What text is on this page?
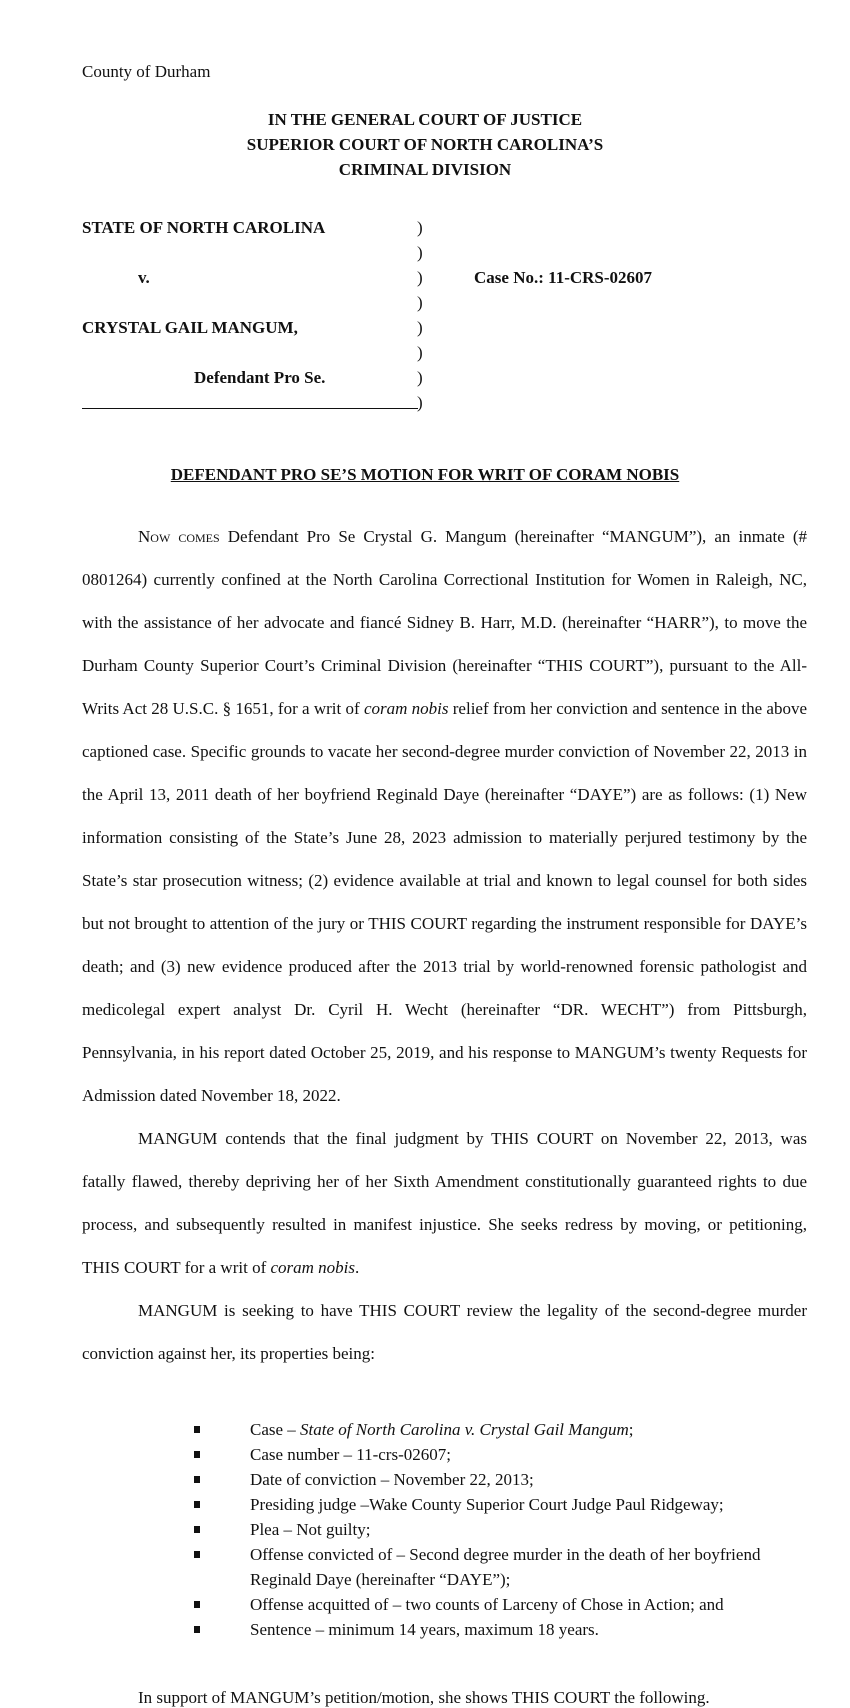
County of Durham
IN THE GENERAL COURT OF JUSTICE
SUPERIOR COURT OF NORTH CAROLINA’S
CRIMINAL DIVISION
STATE OF NORTH CAROLINA
v.
CRYSTAL GAIL MANGUM,
Defendant Pro Se.
)
)
)
)
)
)
)
)
Case No.: 11-CRS-02607
DEFENDANT PRO SE’S MOTION FOR WRIT OF CORAM NOBIS

Now comes Defendant Pro Se Crystal G. Mangum (hereinafter “MANGUM”), an inmate (# 0801264) currently confined at the North Carolina Correctional Institution for Women in Raleigh, NC, with the assistance of her advocate and fiancé Sidney B. Harr, M.D. (hereinafter “HARR”), to move the Durham County Superior Court’s Criminal Division (hereinafter “THIS COURT”), pursuant to the All-Writs Act 28 U.S.C. § 1651, for a writ of coram nobis relief from her conviction and sentence in the above captioned case. Specific grounds to vacate her second-degree murder conviction of November 22, 2013 in the April 13, 2011 death of her boyfriend Reginald Daye (hereinafter “DAYE”) are as follows: (1) New information consisting of the State’s June 28, 2023 admission to materially perjured testimony by the State’s star prosecution witness; (2) evidence available at trial and known to legal counsel for both sides but not brought to attention of the jury or THIS COURT regarding the instrument responsible for DAYE’s death; and (3) new evidence produced after the 2013 trial by world-renowned forensic pathologist and medicolegal expert analyst Dr. Cyril H. Wecht (hereinafter “DR. WECHT”) from Pittsburgh, Pennsylvania, in his report dated October 25, 2019, and his response to MANGUM’s twenty Requests for Admission dated November 18, 2022.

MANGUM contends that the final judgment by THIS COURT on November 22, 2013, was fatally flawed, thereby depriving her of her Sixth Amendment constitutionally guaranteed rights to due process, and subsequently resulted in manifest injustice. She seeks redress by moving, or petitioning, THIS COURT for a writ of coram nobis.

MANGUM is seeking to have THIS COURT review the legality of the second-degree murder conviction against her, its properties being:

Case – State of North Carolina v. Crystal Gail Mangum;
Case number – 11-crs-02607;
Date of conviction – November 22, 2013;
Presiding judge –Wake County Superior Court Judge Paul Ridgeway;
Plea – Not guilty;
Offense convicted of – Second degree murder in the death of her boyfriend Reginald Daye (hereinafter “DAYE”);
Offense acquitted of – two counts of Larceny of Chose in Action; and
Sentence – minimum 14 years, maximum 18 years.
In support of MANGUM’s petition/motion, she shows THIS COURT the following.
